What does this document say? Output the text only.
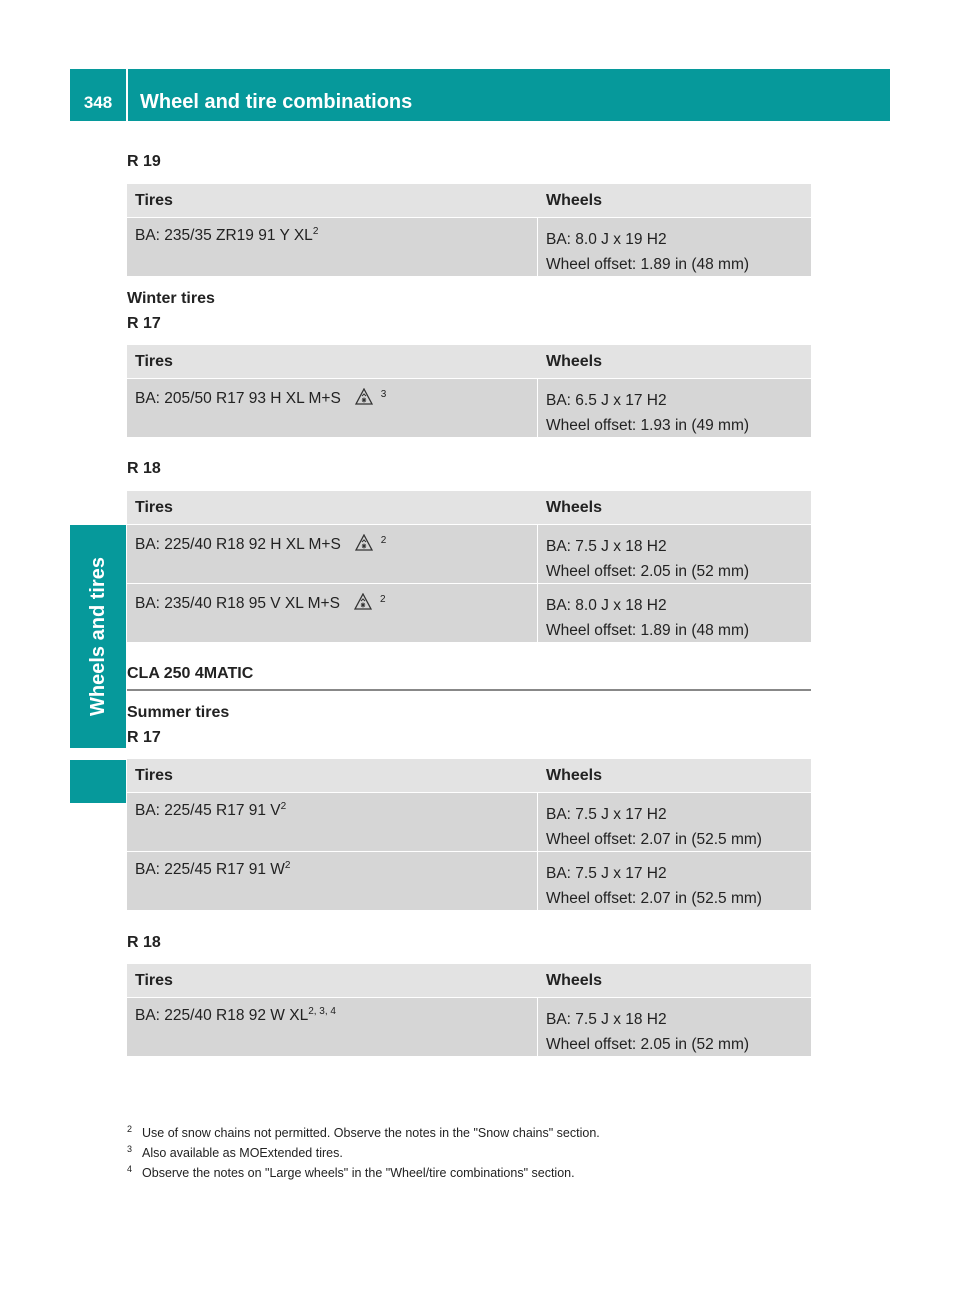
348	Wheel and tire combinations
Wheels and tires
R 19
Tires	Wheels
BA: 235/35 ZR19 91 Y $XL^2$	BA: 8.0 J x 19 H2
Wheel offset: 1.89 in (48 mm)
Winter tires
R 17
Tires	Wheels
BA: 205/50 R17 93 H XL M+S	$^3$	BA: 6.5 J x 17 H2
Wheel offset: 1.93 in (49 mm)
R 18
Tires	Wheels
BA: 225/40 R18 92 H XL M+S	$^2$	BA: 7.5 J x 18 H2
Wheel offset: 2.05 in (52 mm)
BA: 235/40 R18 95 V XL M+S	$^2$	BA: 8.0 J x 18 H2
Wheel offset: 1.89 in (48 mm)
CLA 250 4MATIC
Summer tires
R 17
Tires	Wheels
BA: 225/45 R17 91 $V^2$	BA: 7.5 J x 17 H2
Wheel offset: 2.07 in (52.5 mm)
BA: 225/45 R17 91 $W^2$	BA: 7.5 J x 17 H2
Wheel offset: 2.07 in (52.5 mm)
R 18
Tires	Wheels
BA: 225/40 R18 92 W XL$^{2, 3, 4}$	BA: 7.5 J x 18 H2
Wheel offset: 2.05 in (52 mm)
$^2$ Use of snow chains not permitted. Observe the notes in the "Snow chains" section.
$^3$ Also available as MOExtended tires.
$^4$ Observe the notes on "Large wheels" in the "Wheel/tire combinations" section.
